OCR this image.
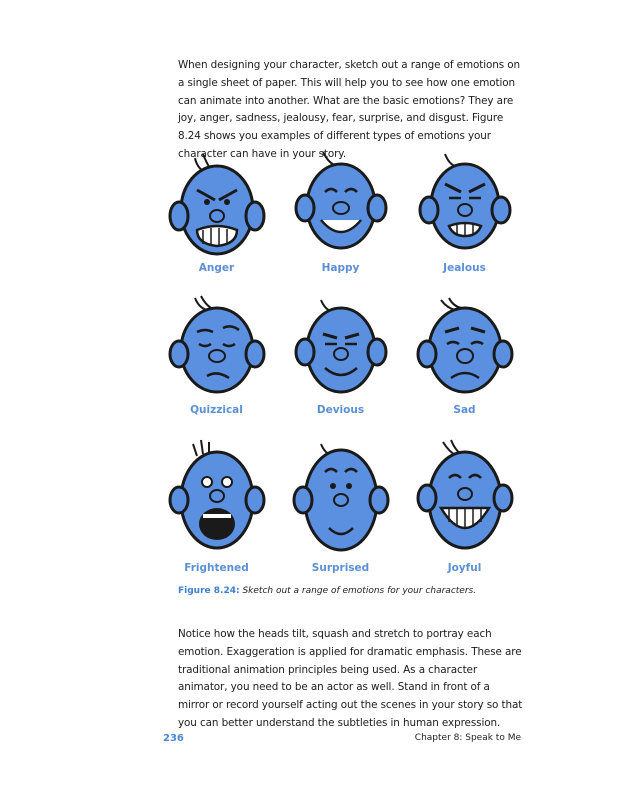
When designing your character, sketch out a range of emotions on a single sheet of paper. This will help you to see how one emotion can animate into another. What are the basic emotions? They are joy, anger, sadness, jealousy, fear, surprise, and disgust. Figure 8.24 shows you examples of different types of emotions your character can have in your story.

Anger	Happy	Jealous
Quizzical	Devious	Sad
Frightened	Surprised	Joyful
Figure 8.24: Sketch out a range of emotions for your characters.

Notice how the heads tilt, squash and stretch to portray each emotion. Exaggeration is applied for dramatic emphasis. These are traditional animation principles being used. As a character animator, you need to be an actor as well. Stand in front of a mirror or record yourself acting out the scenes in your story so that you can better understand the subtleties in human expression.

236	Chapter 8: Speak to Me
